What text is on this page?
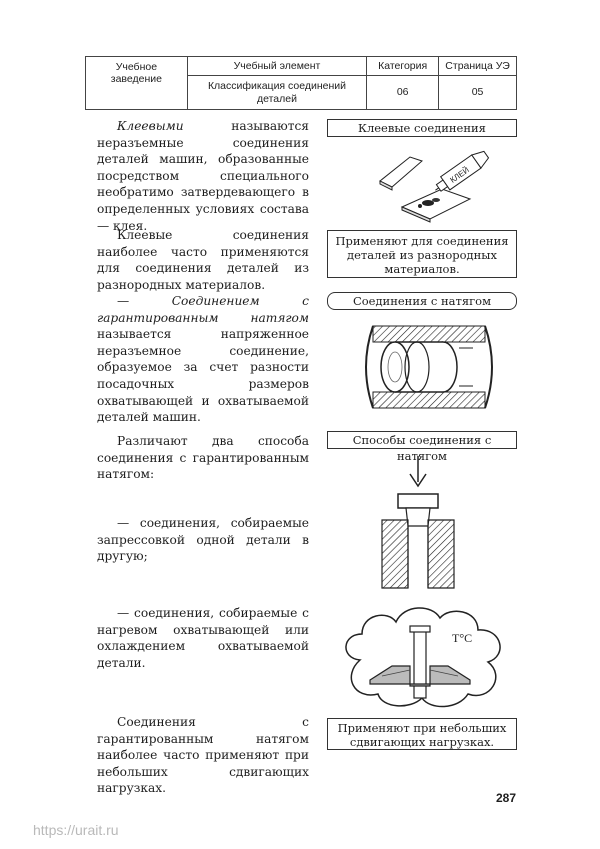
Учебное заведение	Учебный элемент	Категория	Страница УЭ
	Классификация соединений деталей	06	05

Клеевыми называются неразъемные соединения деталей машин, образованные посредством специального необратимо затвердевающего в определенных условиях состава — клея.

Клеевые соединения наиболее часто применяются для соединения деталей из разнородных материалов.

— Соединением с гарантированным натягом называется напряженное неразъемное соединение, образуемое за счет разности посадочных размеров охватывающей и охватываемой деталей машин.

Различают два способа соединения с гарантированным натягом:

— соединения, собираемые запрессовкой одной детали в другую;

— соединения, собираемые с нагревом охватывающей или охлаждением охватываемой детали.

Соединения с гарантированным натягом наиболее часто применяют при небольших сдвигающих нагрузках.

Клеевые соединения
Применяют для соединения деталей из разнородных материалов.
Соединения с натягом
Способы соединения с натягом
Применяют при небольших сдвигающих нагрузках.
КЛЕЙ
T°C
287
https://urait.ru
